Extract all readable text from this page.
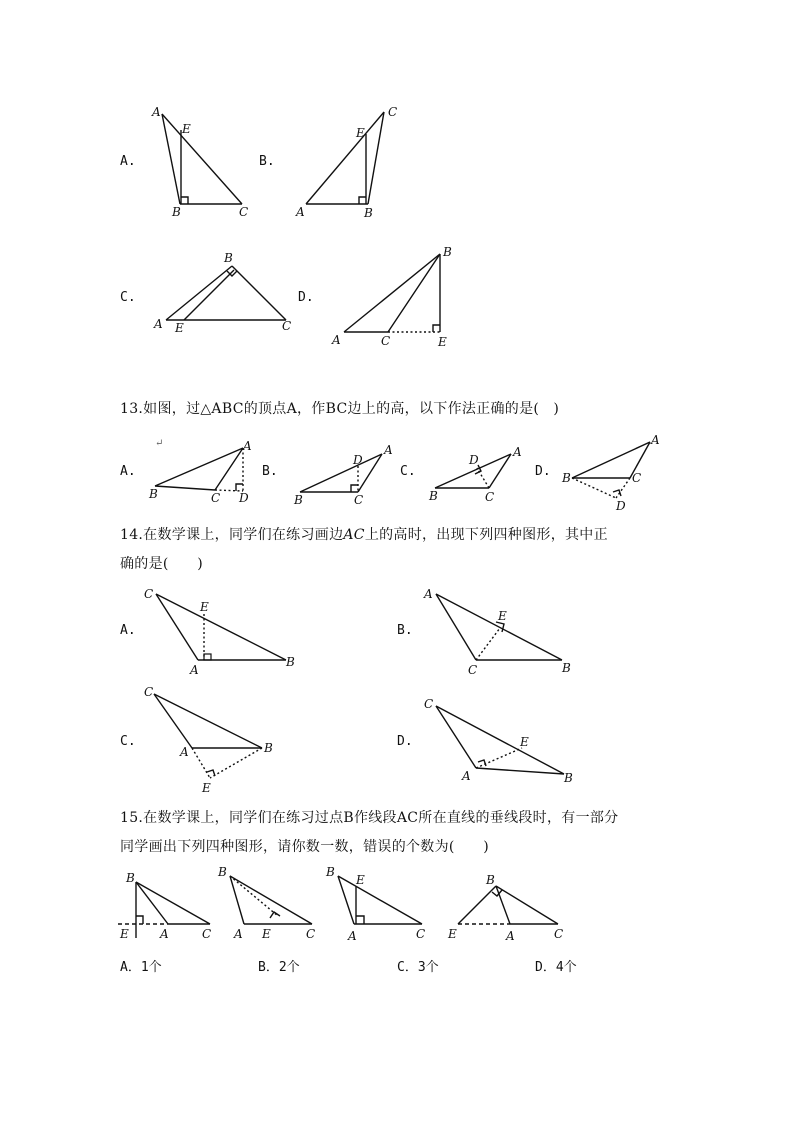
A.
A
E
B	C
B.
C
E
A	B
C.
B
A E	C
D.
B
A	C	E
13.如图，过△ABC的顶点A，作BC边上的高，以下作法正确的是(　)
↵
A.
A
B	C D
B.
A
D
B	C
C.
A
D
B	C
D.
A
B	C
D
14.在数学课上，同学们在练习画边AC上的高时，出现下列四种图形，其中正
确的是(　　)
A.
C
E
A
B
B.
A
E
C	B
C.
C
A	B
E
D.
C
E
A	B
15.在数学课上，同学们在练习过点B作线段AC所在直线的垂线段时，有一部分
同学画出下列四种图形，请你数一数，错误的个数为(　　)
B
E	A	C
B
A E	C
B
E
A	C
B
E	A	C
A．1个	B．2个	C．3个	D．4个
